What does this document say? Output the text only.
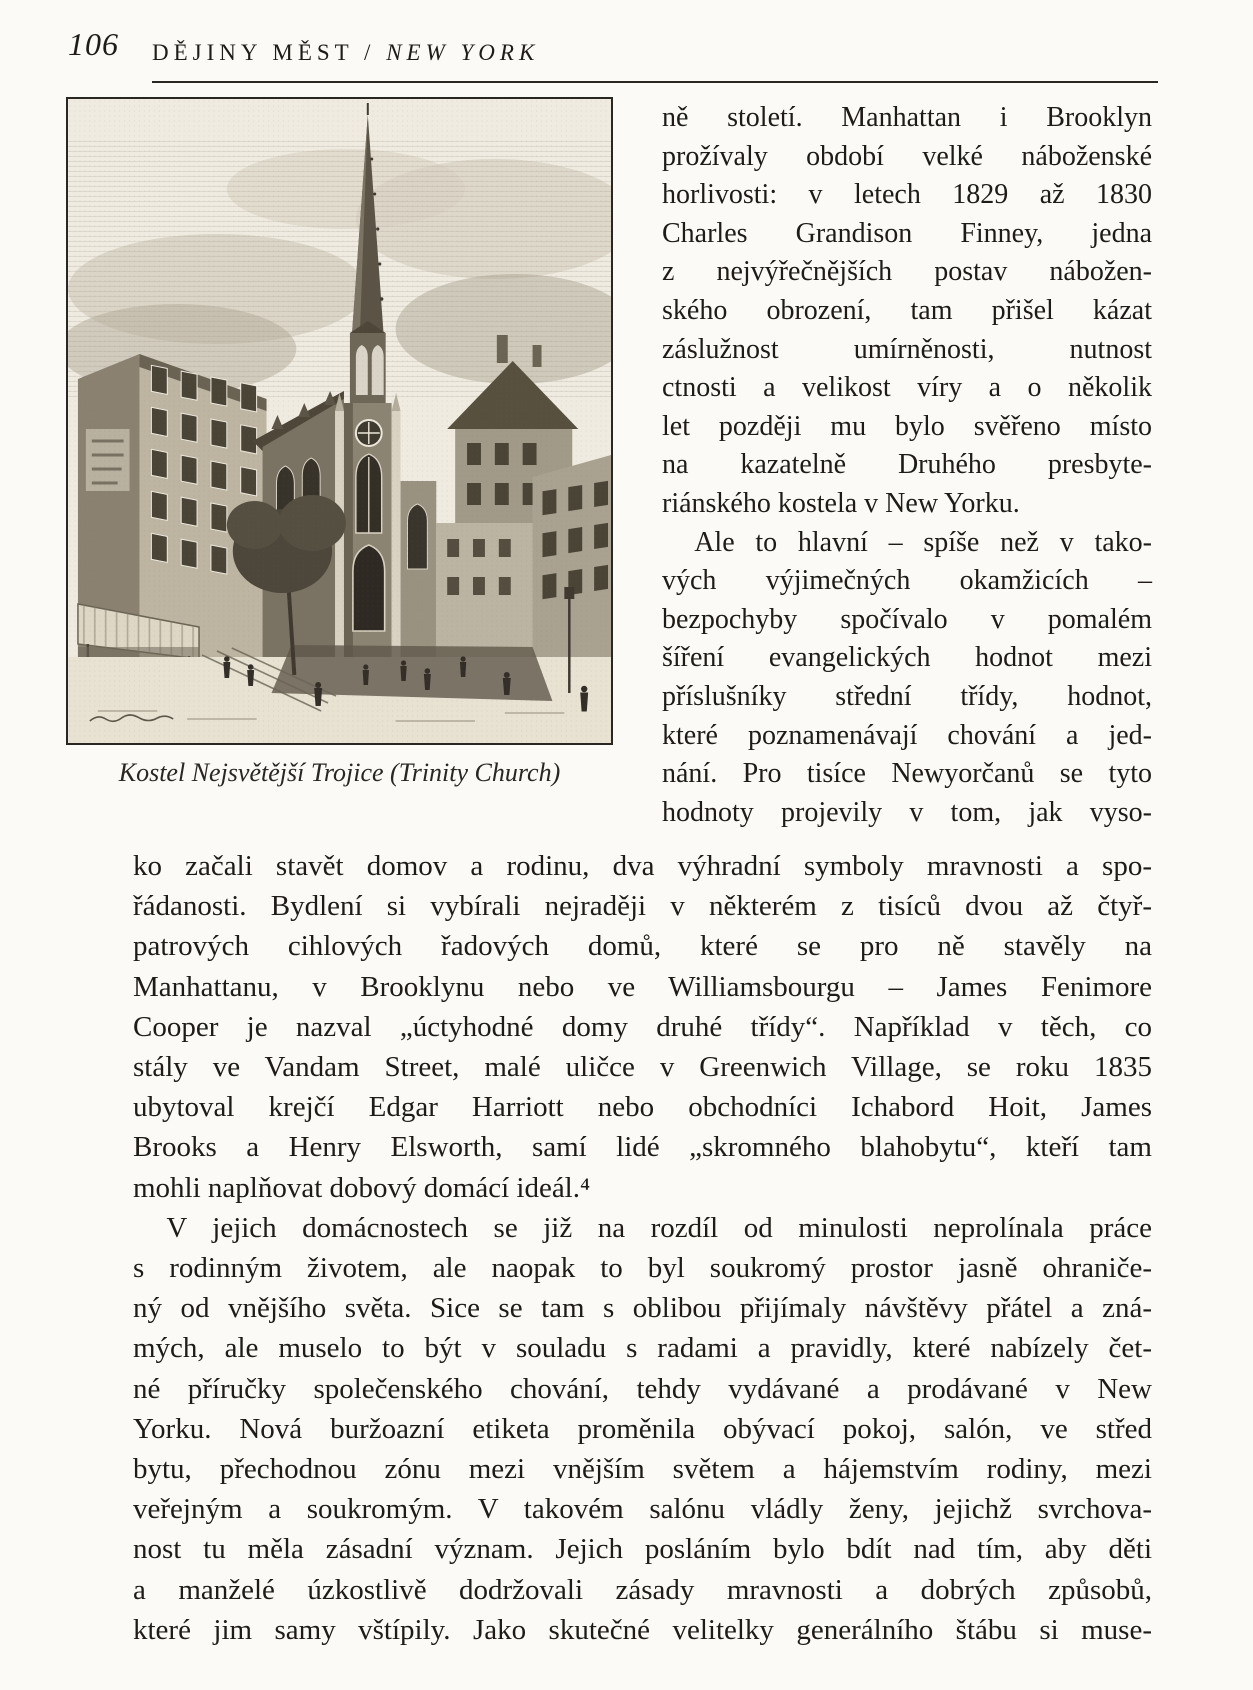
106 DĚJINY MĚST / NEW YORK
Kostel Nejsvětější Trojice (Trinity Church)
ně století. Manhattan i Brooklyn
prožívaly období velké náboženské
horlivosti: v letech 1829 až 1830
Charles Grandison Finney, jedna
z nejvýřečnějších postav nábožen-
ského obrození, tam přišel kázat
záslužnost umírněnosti, nutnost
ctnosti a velikost víry a o několik
let později mu bylo svěřeno místo
na kazatelně Druhého presbyte-
riánského kostela v New Yorku.
Ale to hlavní – spíše než v tako-
vých výjimečných okamžicích –
bezpochyby spočívalo v pomalém
šíření evangelických hodnot mezi
příslušníky střední třídy, hodnot,
které poznamenávají chování a jed-
nání. Pro tisíce Newyorčanů se tyto
hodnoty projevily v tom, jak vyso-
ko začali stavět domov a rodinu, dva výhradní symboly mravnosti a spo-
řádanosti. Bydlení si vybírali nejraději v některém z tisíců dvou až čtyř-
patrových cihlových řadových domů, které se pro ně stavěly na
Manhattanu, v Brooklynu nebo ve Williamsbourgu – James Fenimore
Cooper je nazval „úctyhodné domy druhé třídy“. Například v těch, co
stály ve Vandam Street, malé uličce v Greenwich Village, se roku 1835
ubytoval krejčí Edgar Harriott nebo obchodníci Ichabord Hoit, James
Brooks a Henry Elsworth, samí lidé „skromného blahobytu“, kteří tam
mohli naplňovat dobový domácí ideál.⁴
V jejich domácnostech se již na rozdíl od minulosti neprolínala práce
s rodinným životem, ale naopak to byl soukromý prostor jasně ohraniče-
ný od vnějšího světa. Sice se tam s oblibou přijímaly návštěvy přátel a zná-
mých, ale muselo to být v souladu s radami a pravidly, které nabízely čet-
né příručky společenského chování, tehdy vydávané a prodávané v New
Yorku. Nová buržoazní etiketa proměnila obývací pokoj, salón, ve střed
bytu, přechodnou zónu mezi vnějším světem a hájemstvím rodiny, mezi
veřejným a soukromým. V takovém salónu vládly ženy, jejichž svrchova-
nost tu měla zásadní význam. Jejich posláním bylo bdít nad tím, aby děti
a manželé úzkostlivě dodržovali zásady mravnosti a dobrých způsobů,
které jim samy vštípily. Jako skutečné velitelky generálního štábu si muse-
